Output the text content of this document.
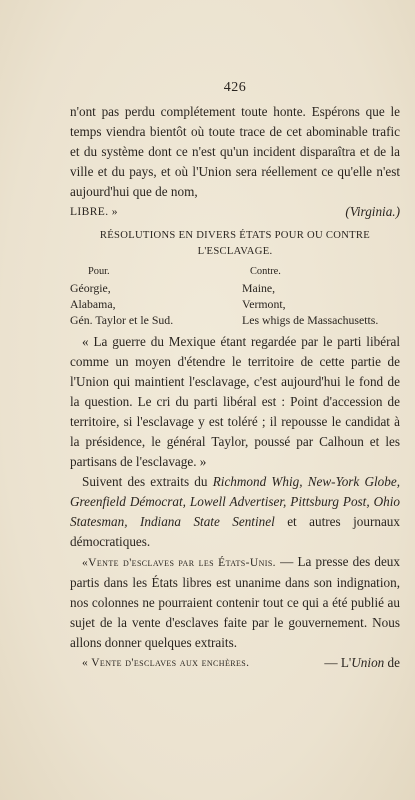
426

n'ont pas perdu complétement toute honte. Espérons que le temps viendra bientôt où toute trace de cet abominable trafic et du système dont ce n'est qu'un incident disparaîtra et de la ville et du pays, et où l'Union sera réellement ce qu'elle n'est aujourd'hui que de nom,
LIBRE. »	(Virginia.)

RÉSOLUTIONS EN DIVERS ÉTATS POUR OU CONTRE
L'ESCLAVAGE.
Pour.	Contre.
Géorgie,	Maine,
Alabama,	Vermont,
Gén. Taylor et le Sud.	Les whigs de Massachusetts.

« La guerre du Mexique étant regardée par le parti libéral comme un moyen d'étendre le territoire de cette partie de l'Union qui maintient l'esclavage, c'est aujourd'hui le fond de la question. Le cri du parti libéral est : Point d'accession de territoire, si l'esclavage y est toléré ; il repousse le candidat à la présidence, le général Taylor, poussé par Calhoun et les partisans de l'esclavage. »

Suivent des extraits du Richmond Whig, New-York Globe, Greenfield Démocrat, Lowell Advertiser, Pittsburg Post, Ohio Statesman, Indiana State Sentinel et autres journaux démocratiques.

«Vente d'esclaves par les États-Unis. — La presse des deux partis dans les États libres est unanime dans son indignation, nos colonnes ne pourraient contenir tout ce qui a été publié au sujet de la vente d'esclaves faite par le gouvernement. Nous allons donner quelques extraits.

« Vente d'esclaves aux enchères.	— L'Union de
